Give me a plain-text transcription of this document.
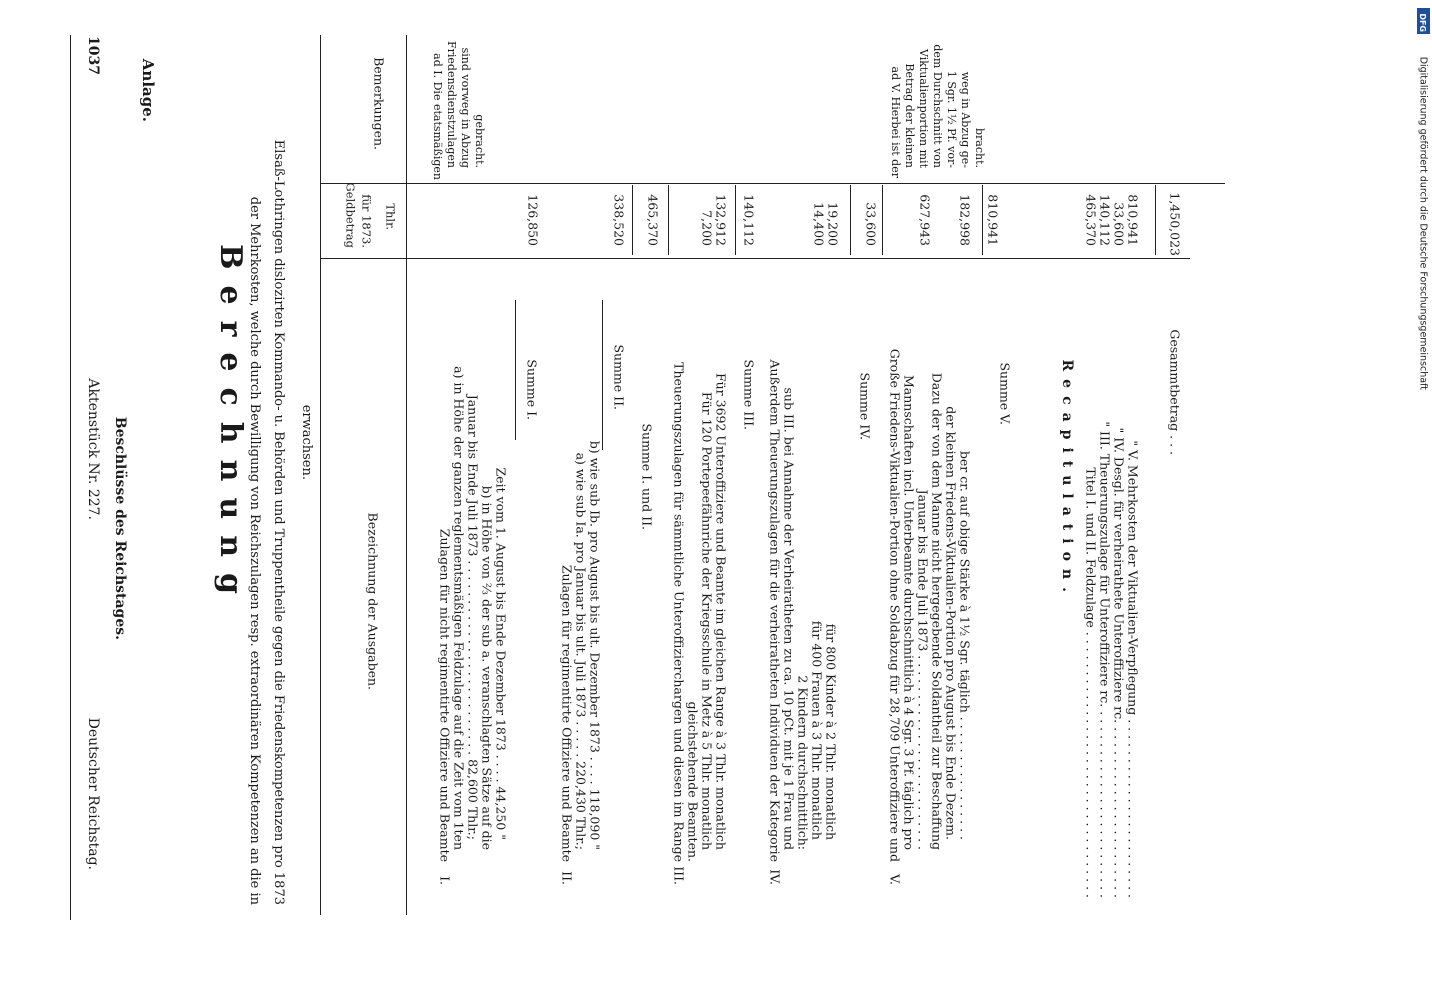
Deutscher Reichstag.
Aktenstück Nr. 227.
1037
Beschlüsse des Reichstages.
Anlage.
Berechnung der Mehrkosten, welche durch Bewilligung von Reichszulagen resp. extraordinären Kompetenzen an die in Elsaß-Lothringen dislozirten Kommando- u. Behörden und Truppentheile gegen die Friedenskompetenzen pro 1873 erwachsen.
Bezeichnung der Ausgaben.
Geldbetrag für 1873. Thlr.
Bemerkungen.
I.
Zulagen für nicht regimentirte Offiziere und Beamte a) in Höhe der ganzen reglementsmäßigen Feldzulage auf die Zeit vom 1ten Januar bis Ende Juli 1873 . . . . . . . . . . . . . . . . . . . . . . . . . 82,600 Thlr.; b) in Höhe von ⅔ der sub a. veranschlagten Sätze auf die Zeit vom 1. August bis Ende Dezember 1873 . . . . 44,250 "
Summe I.
126,850
ad I. Die etatsmäßigen Friedensdienstzulagen sind vorweg in Abzug gebracht.
II.
Zulagen für regimentirte Offiziere und Beamte a) wie sub Ia. pro Januar bis ult. Juli 1873 . . . . . 220,430 Thlr.; b) wie sub Ib. pro August bis ult. Dezember 1873 . . . . 118,090 "
Summe II.
338,520
Summe I. und II.
465,370
III.
Theuerungszulagen für sämmtliche Unteroffizierchargen und diesen im Range gleichstehende Beamten. Für 120 Portepeefähnriche der Kriegsschule in Metz à 5 Thlr. monatlich Für 3692 Unteroffiziere und Beamte im gleichen Range à 3 Thlr. monatlich
7,200 132,912
Summe III.
140,112
IV.
Außerdem Theuerungszulagen für die verheiratheten Individuen der Kategorie sub III. bei Annahme der Verheiratheten zu ca. 10 pCt. mit je 1 Frau und 2 Kindern durchschnittlich: für 400 Frauen à 3 Thlr. monatlich für 800 Kinder à 2 Thlr. monatlich
14,400 19,200
Summe IV.
33,600
V.
Große Friedens-Viktualien-Portion ohne Soldabzug für 28,709 Unteroffiziere und Mannschaften incl. Unterbeamte durchschnittlich à 4 Sgr. 3 Pf. täglich pro Januar bis Ende Juli 1873 . . . . . . . . . . . . . . . . . . . . . . . . . Dazu der von dem Manne nicht hergegebende Soldantheil zur Beschaffung der kleinen Friedens-Viktualien-Portion pro August bis Ende Dezem. ber cr. auf obige Stärke à 1½ Sgr. täglich . . . . . . . . . . . . . . . .
627,943 182,998
Summe V.
810,941
ad V. Hierbei ist der Betrag der kleinen Viktualienportion mit dem Durchschnitt von 1 Sgr. 1½ Pf. vor- weg in Abzug ge- bracht.
Recapitulation. Titel I. und II. Feldzulage . . . . . . . . . . . . . . . . . . . . . . . . . . . . . . . . . . " III. Theuerungszulage für Unteroffiziere rc. . . . . . . . . . . . . . . . . . . . . . . . . " IV. Desgl. für verheirathete Unteroffiziere rc. . . . . . . . . . . . . . . . . . . . . . . " V. Mehrkosten der Viktualien-Verpflegung . . . . . . . . . . . . . . . . . . . . . . .
465,370 140,112 33,600 810,941
Gesammtbetrag . . .
1,450,023
DFG
Digitalisierung gefördert durch die Deutsche Forschungsgemeinschaft
